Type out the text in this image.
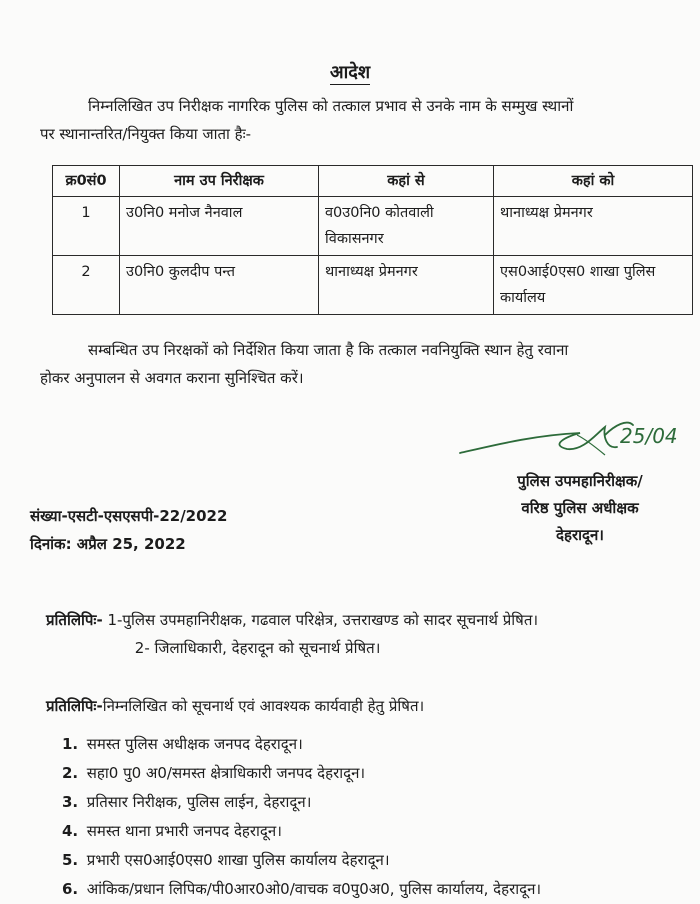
आदेश
निम्नलिखित उप निरीक्षक नागरिक पुलिस को तत्काल प्रभाव से उनके नाम के सम्मुख स्थानों
पर स्थानान्तरित/नियुक्त किया जाता हैः-
क्र0सं0	नाम उप निरीक्षक	कहां से	कहां को
1	उ0नि0 मनोज नैनवाल	व0उ0नि0 कोतवाली विकासनगर	थानाध्यक्ष प्रेमनगर
2	उ0नि0 कुलदीप पन्त	थानाध्यक्ष प्रेमनगर	एस0आई0एस0 शाखा पुलिस कार्यालय
सम्बन्धित उप निरक्षकों को निर्देशित किया जाता है कि तत्काल नवनियुक्ति स्थान हेतु रवाना
होकर अनुपालन से अवगत कराना सुनिश्चित करें।
25/04
पुलिस उपमहानिरीक्षक/
वरिष्ठ पुलिस अधीक्षक
देहरादून।
संख्या-एसटी-एसएसपी-22/2022
दिनांक: अप्रैल 25, 2022
प्रतिलिपिः- 1-पुलिस उपमहानिरीक्षक, गढवाल परिक्षेत्र, उत्तराखण्ड को सादर सूचनार्थ प्रेषित।
2- जिलाधिकारी, देहरादून को सूचनार्थ प्रेषित।
प्रतिलिपिः-निम्नलिखित को सूचनार्थ एवं आवश्यक कार्यवाही हेतु प्रेषित।
1. समस्त पुलिस अधीक्षक जनपद देहरादून।
2. सहा0 पु0 अ0/समस्त क्षेत्राधिकारी जनपद देहरादून।
3. प्रतिसार निरीक्षक, पुलिस लाईन, देहरादून।
4. समस्त थाना प्रभारी जनपद देहरादून।
5. प्रभारी एस0आई0एस0 शाखा पुलिस कार्यालय देहरादून।
6. आंकिक/प्रधान लिपिक/पी0आर0ओ0/वाचक व0पु0अ0, पुलिस कार्यालय, देहरादून।
